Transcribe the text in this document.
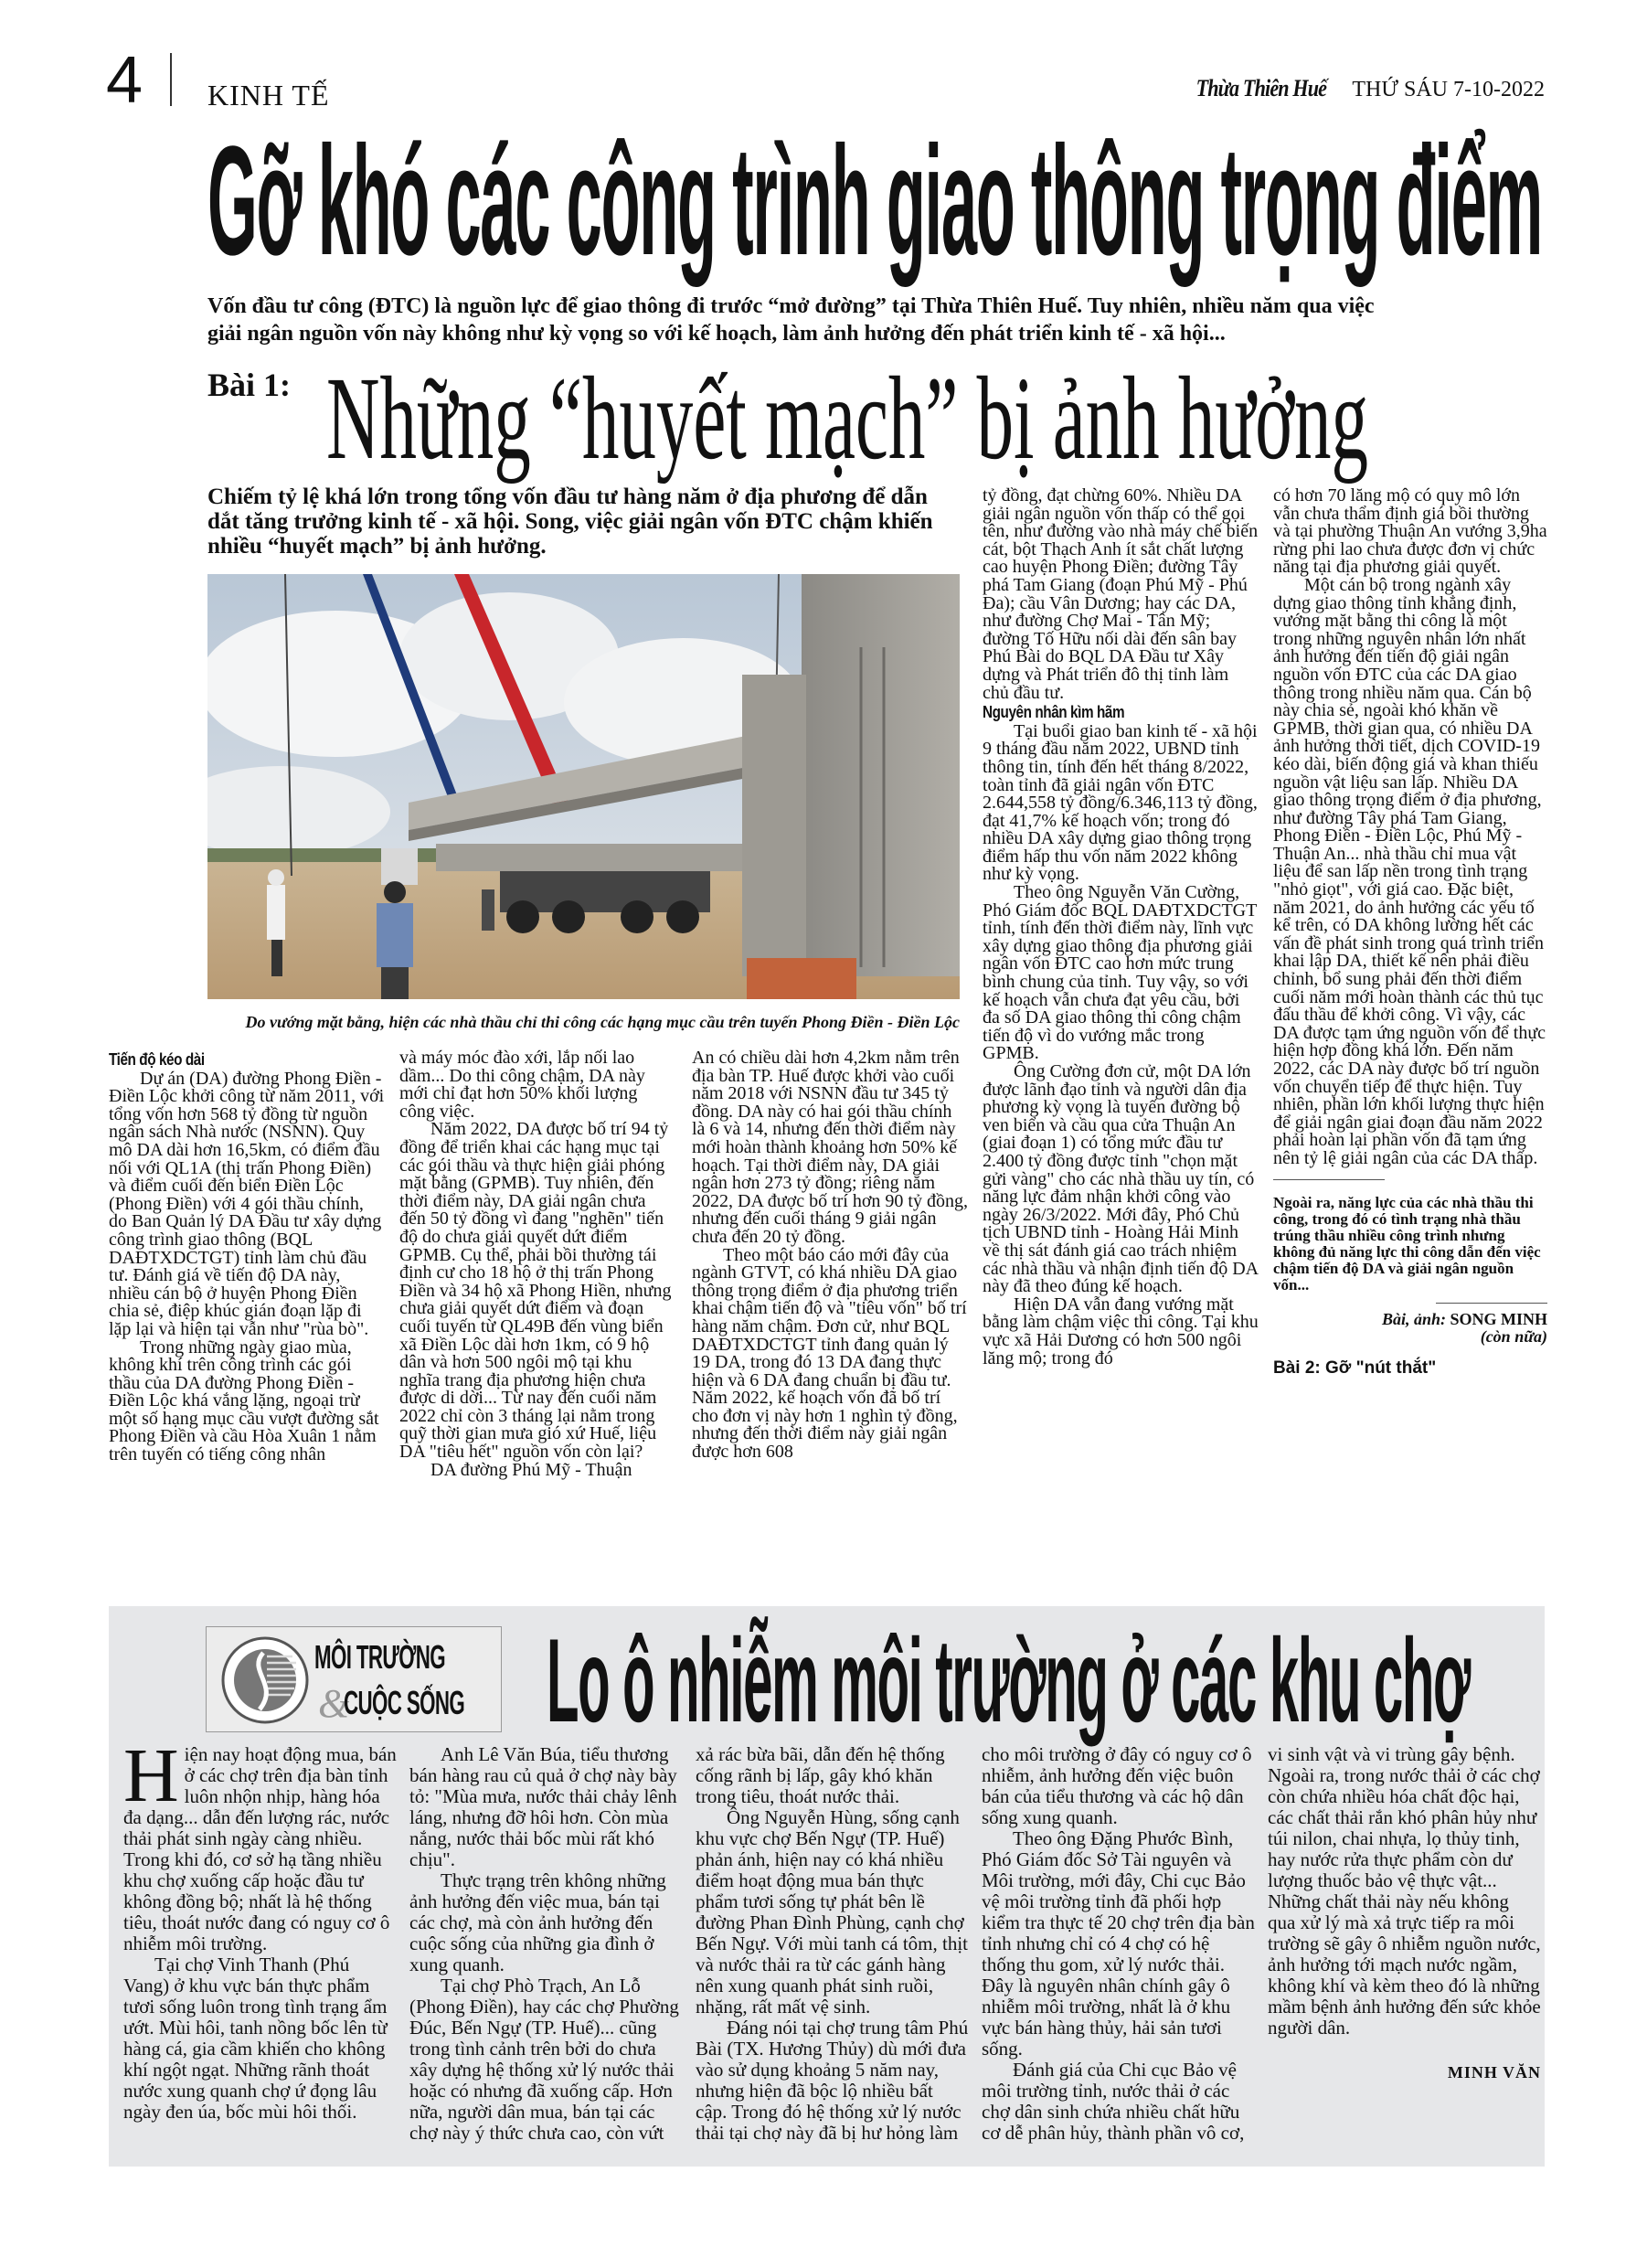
4 KINH TẾ	Thừa Thiên Huế THỨ SÁU 7-10-2022
Gỡ khó các công trình giao thông trọng điểm
Vốn đầu tư công (ĐTC) là nguồn lực để giao thông đi trước “mở đường” tại Thừa Thiên Huế. Tuy nhiên, nhiều năm qua việc giải ngân nguồn vốn này không như kỳ vọng so với kế hoạch, làm ảnh hưởng đến phát triển kinh tế - xã hội...
Bài 1: Những “huyết mạch” bị ảnh hưởng
Chiếm tỷ lệ khá lớn trong tổng vốn đầu tư hàng năm ở địa phương để dẫn dắt tăng trưởng kinh tế - xã hội. Song, việc giải ngân vốn ĐTC chậm khiến nhiều “huyết mạch” bị ảnh hưởng.
Do vướng mặt bằng, hiện các nhà thầu chỉ thi công các hạng mục cầu trên tuyến Phong Điền - Điền Lộc
Tiến độ kéo dài

Dự án (DA) đường Phong Điền - Điền Lộc khởi công từ năm 2011, với tổng vốn hơn 568 tỷ đồng từ nguồn ngân sách Nhà nước (NSNN). Quy mô DA dài hơn 16,5km, có điểm đầu nối với QL1A (thị trấn Phong Điền) và điểm cuối đến biển Điền Lộc (Phong Điền) với 4 gói thầu chính, do Ban Quản lý DA Đầu tư xây dựng công trình giao thông (BQL DAĐTXDCTGT) tỉnh làm chủ đầu tư. Đánh giá về tiến độ DA này, nhiều cán bộ ở huyện Phong Điền chia sẻ, điệp khúc gián đoạn lặp đi lặp lại và hiện tại vẫn như "rùa bò".

Trong những ngày giao mùa, không khí trên công trình các gói thầu của DA đường Phong Điền - Điền Lộc khá vắng lặng, ngoại trừ một số hạng mục cầu vượt đường sắt Phong Điền và cầu Hòa Xuân 1 nằm trên tuyến có tiếng công nhân

và máy móc đào xới, lắp nối lao dầm... Do thi công chậm, DA này mới chỉ đạt hơn 50% khối lượng công việc.

Năm 2022, DA được bố trí 94 tỷ đồng để triển khai các hạng mục tại các gói thầu và thực hiện giải phóng mặt bằng (GPMB). Tuy nhiên, đến thời điểm này, DA giải ngân chưa đến 50 tỷ đồng vì đang "nghẽn" tiến độ do chưa giải quyết dứt điểm GPMB. Cụ thể, phải bồi thường tái định cư cho 18 hộ ở thị trấn Phong Điền và 34 hộ xã Phong Hiền, nhưng chưa giải quyết dứt điểm và đoạn cuối tuyến từ QL49B đến vùng biển xã Điền Lộc dài hơn 1km, có 9 hộ dân và hơn 500 ngôi mộ tại khu nghĩa trang địa phương hiện chưa được di dời... Từ nay đến cuối năm 2022 chỉ còn 3 tháng lại nằm trong quỹ thời gian mưa gió xứ Huế, liệu DA "tiêu hết" nguồn vốn còn lại?

DA đường Phú Mỹ - Thuận

An có chiều dài hơn 4,2km nằm trên địa bàn TP. Huế được khởi vào cuối năm 2018 với NSNN đầu tư 345 tỷ đồng. DA này có hai gói thầu chính là 6 và 14, nhưng đến thời điểm này mới hoàn thành khoảng hơn 50% kế hoạch. Tại thời điểm này, DA giải ngân hơn 273 tỷ đồng; riêng năm 2022, DA được bố trí hơn 90 tỷ đồng, nhưng đến cuối tháng 9 giải ngân chưa đến 20 tỷ đồng.

Theo một báo cáo mới đây của ngành GTVT, có khá nhiều DA giao thông trọng điểm ở địa phương triển khai chậm tiến độ và "tiêu vốn" bố trí hàng năm chậm. Đơn cử, như BQL DAĐTXDCTGT tỉnh đang quản lý 19 DA, trong đó 13 DA đang thực hiện và 6 DA đang chuẩn bị đầu tư. Năm 2022, kế hoạch vốn đã bố trí cho đơn vị này hơn 1 nghìn tỷ đồng, nhưng đến thời điểm này giải ngân được hơn 608

tỷ đồng, đạt chừng 60%. Nhiều DA giải ngân nguồn vốn thấp có thể gọi tên, như đường vào nhà máy chế biến cát, bột Thạch Anh ít sắt chất lượng cao huyện Phong Điền; đường Tây phá Tam Giang (đoạn Phú Mỹ - Phú Đa); cầu Vân Dương; hay các DA, như đường Chợ Mai - Tân Mỹ; đường Tố Hữu nối dài đến sân bay Phú Bài do BQL DA Đầu tư Xây dựng và Phát triển đô thị tỉnh làm chủ đầu tư.

Nguyên nhân kìm hãm

Tại buổi giao ban kinh tế - xã hội 9 tháng đầu năm 2022, UBND tỉnh thông tin, tính đến hết tháng 8/2022, toàn tỉnh đã giải ngân vốn ĐTC 2.644,558 tỷ đồng/6.346,113 tỷ đồng, đạt 41,7% kế hoạch vốn; trong đó nhiều DA xây dựng giao thông trọng điểm hấp thu vốn năm 2022 không như kỳ vọng.

Theo ông Nguyễn Văn Cường, Phó Giám đốc BQL DAĐTXDCTGT tỉnh, tính đến thời điểm này, lĩnh vực xây dựng giao thông địa phương giải ngân vốn ĐTC cao hơn mức trung bình chung của tỉnh. Tuy vậy, so với kế hoạch vẫn chưa đạt yêu cầu, bởi đa số DA giao thông thi công chậm tiến độ vì do vướng mắc trong GPMB.

Ông Cường đơn cử, một DA lớn được lãnh đạo tỉnh và người dân địa phương kỳ vọng là tuyến đường bộ ven biển và cầu qua cửa Thuận An (giai đoạn 1) có tổng mức đầu tư 2.400 tỷ đồng được tỉnh "chọn mặt gửi vàng" cho các nhà thầu uy tín, có năng lực đảm nhận khởi công vào ngày 26/3/2022. Mới đây, Phó Chủ tịch UBND tỉnh - Hoàng Hải Minh về thị sát đánh giá cao trách nhiệm các nhà thầu và nhận định tiến độ DA này đã theo đúng kế hoạch.

Hiện DA vẫn đang vướng mặt bằng làm chậm việc thi công. Tại khu vực xã Hải Dương có hơn 500 ngôi lăng mộ; trong đó

có hơn 70 lăng mộ có quy mô lớn vẫn chưa thẩm định giá bồi thường và tại phường Thuận An vướng 3,9ha rừng phi lao chưa được đơn vị chức năng tại địa phương giải quyết.

Một cán bộ trong ngành xây dựng giao thông tỉnh khẳng định, vướng mặt bằng thi công là một trong những nguyên nhân lớn nhất ảnh hưởng đến tiến độ giải ngân nguồn vốn ĐTC của các DA giao thông trong nhiều năm qua. Cán bộ này chia sẻ, ngoài khó khăn về GPMB, thời gian qua, có nhiều DA ảnh hưởng thời tiết, dịch COVID-19 kéo dài, biến động giá và khan thiếu nguồn vật liệu san lấp. Nhiều DA giao thông trọng điểm ở địa phương, như đường Tây phá Tam Giang, Phong Điền - Điền Lộc, Phú Mỹ - Thuận An... nhà thầu chỉ mua vật liệu để san lấp nền trong tình trạng "nhỏ giọt", với giá cao. Đặc biệt, năm 2021, do ảnh hưởng các yếu tố kể trên, có DA không lường hết các vấn đề phát sinh trong quá trình triển khai lập DA, thiết kế nên phải điều chỉnh, bổ sung phải đến thời điểm cuối năm mới hoàn thành các thủ tục đấu thầu để khởi công. Vì vậy, các DA được tạm ứng nguồn vốn để thực hiện hợp đồng khá lớn. Đến năm 2022, các DA này được bố trí nguồn vốn chuyển tiếp để thực hiện. Tuy nhiên, phần lớn khối lượng thực hiện để giải ngân giai đoạn đầu năm 2022 phải hoàn lại phần vốn đã tạm ứng nên tỷ lệ giải ngân của các DA thấp.

Ngoài ra, năng lực của các nhà thầu thi công, trong đó có tình trạng nhà thầu trúng thầu nhiều công trình nhưng không đủ năng lực thi công dẫn đến việc chậm tiến độ DA và giải ngân nguồn vốn...
Bài, ảnh: SONG MINH
(còn nữa)
Bài 2: Gỡ "nút thắt"
MÔI TRƯỜNG
&
CUỘC SỐNG Lo ô nhiễm môi trường ở các khu chợ

Hiện nay hoạt động mua, bán ở các chợ trên địa bàn tỉnh luôn nhộn nhịp, hàng hóa đa dạng... dẫn đến lượng rác, nước thải phát sinh ngày càng nhiều. Trong khi đó, cơ sở hạ tầng nhiều khu chợ xuống cấp hoặc đầu tư không đồng bộ; nhất là hệ thống tiêu, thoát nước đang có nguy cơ ô nhiễm môi trường.

Tại chợ Vinh Thanh (Phú Vang) ở khu vực bán thực phẩm tươi sống luôn trong tình trạng ẩm ướt. Mùi hôi, tanh nồng bốc lên từ hàng cá, gia cầm khiến cho không khí ngột ngạt. Những rãnh thoát nước xung quanh chợ ứ đọng lâu ngày đen úa, bốc mùi hôi thối.

Anh Lê Văn Búa, tiểu thương bán hàng rau củ quả ở chợ này bày tỏ: "Mùa mưa, nước thải chảy lênh láng, nhưng đỡ hôi hơn. Còn mùa nắng, nước thải bốc mùi rất khó chịu".

Thực trạng trên không những ảnh hưởng đến việc mua, bán tại các chợ, mà còn ảnh hưởng đến cuộc sống của những gia đình ở xung quanh.

Tại chợ Phò Trạch, An Lỗ (Phong Điền), hay các chợ Phường Đúc, Bến Ngự (TP. Huế)... cũng trong tình cảnh trên bởi do chưa xây dựng hệ thống xử lý nước thải hoặc có nhưng đã xuống cấp. Hơn nữa, người dân mua, bán tại các chợ này ý thức chưa cao, còn vứt xả rác bừa bãi, dẫn đến hệ thống cống rãnh bị lấp, gây khó khăn trong tiêu, thoát nước thải.

Ông Nguyễn Hùng, sống cạnh khu vực chợ Bến Ngự (TP. Huế) phản ánh, hiện nay có khá nhiều điểm hoạt động mua bán thực phẩm tươi sống tự phát bên lề đường Phan Đình Phùng, cạnh chợ Bến Ngự. Với mùi tanh cá tôm, thịt và nước thải ra từ các gánh hàng nên xung quanh phát sinh ruồi, nhặng, rất mất vệ sinh.

Đáng nói tại chợ trung tâm Phú Bài (TX. Hương Thủy) dù mới đưa vào sử dụng khoảng 5 năm nay, nhưng hiện đã bộc lộ nhiều bất cập. Trong đó hệ thống xử lý nước thải tại chợ này đã bị hư hỏng làm cho môi trường ở đây có nguy cơ ô nhiễm, ảnh hưởng đến việc buôn bán của tiểu thương và các hộ dân sống xung quanh.

Theo ông Đặng Phước Bình, Phó Giám đốc Sở Tài nguyên và Môi trường, mới đây, Chi cục Bảo vệ môi trường tỉnh đã phối hợp kiểm tra thực tế 20 chợ trên địa bàn tỉnh nhưng chỉ có 4 chợ có hệ thống thu gom, xử lý nước thải. Đây là nguyên nhân chính gây ô nhiễm môi trường, nhất là ở khu vực bán hàng thủy, hải sản tươi sống.

Đánh giá của Chi cục Bảo vệ môi trường tỉnh, nước thải ở các chợ dân sinh chứa nhiều chất hữu cơ dễ phân hủy, thành phần vô cơ, vi sinh vật và vi trùng gây bệnh. Ngoài ra, trong nước thải ở các chợ còn chứa nhiều hóa chất độc hại, các chất thải rắn khó phân hủy như túi nilon, chai nhựa, lọ thủy tinh, hay nước rửa thực phẩm còn dư lượng thuốc bảo vệ thực vật... Những chất thải này nếu không qua xử lý mà xả trực tiếp ra môi trường sẽ gây ô nhiễm nguồn nước, ảnh hưởng tới mạch nước ngầm, không khí và kèm theo đó là những mầm bệnh ảnh hưởng đến sức khỏe người dân.

MINH VĂN
